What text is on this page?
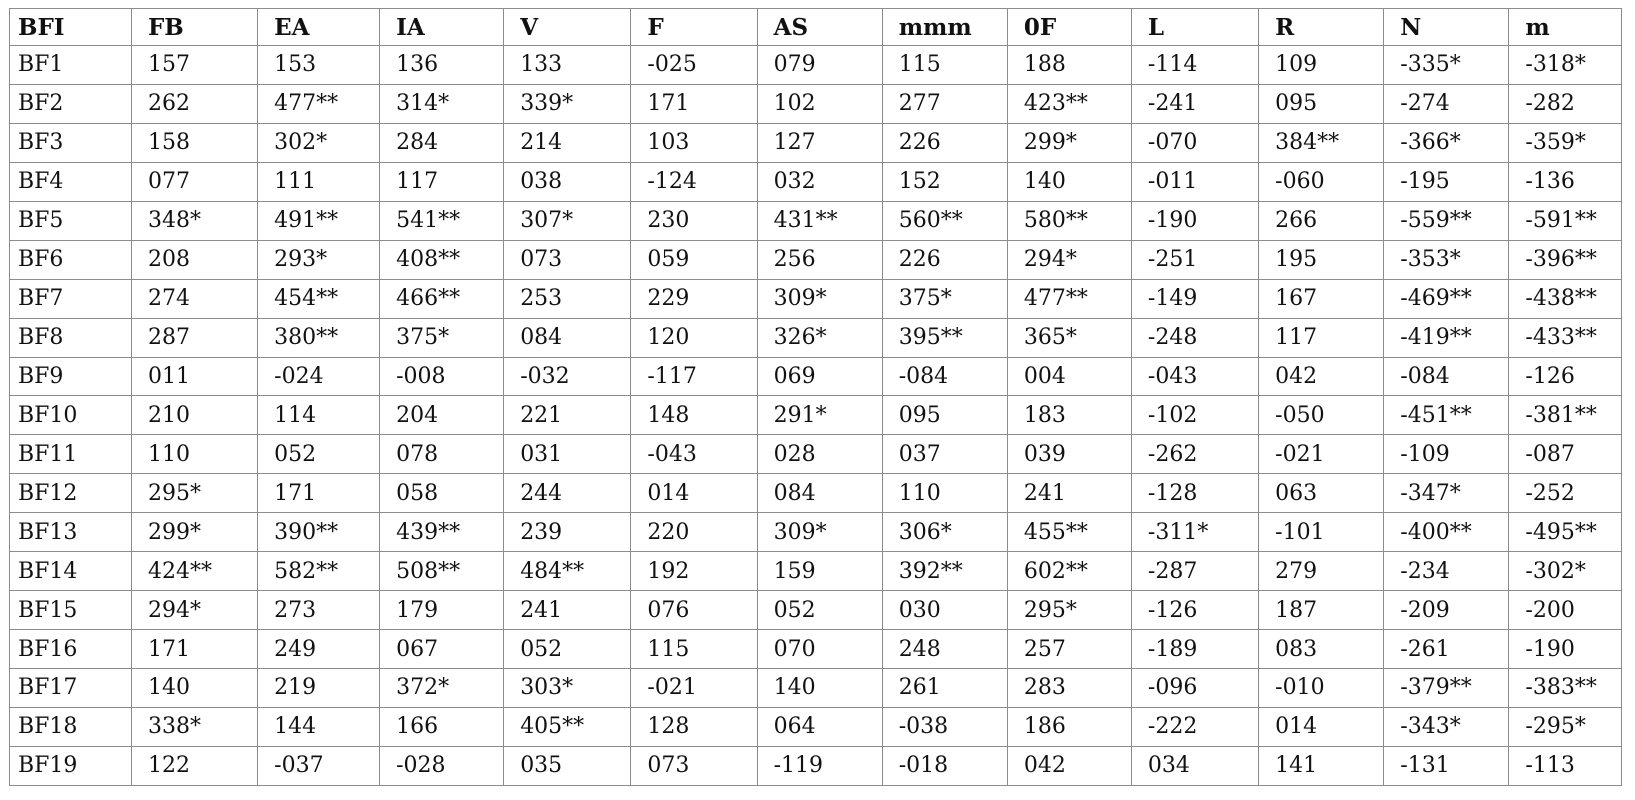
BFI	FB	EA	IA	V	F	AS	mmm	0F	L	R	N	m
BF1	157	153	136	133	-025	079	115	188	-114	109	-335*	-318*
BF2	262	477**	314*	339*	171	102	277	423**	-241	095	-274	-282
BF3	158	302*	284	214	103	127	226	299*	-070	384**	-366*	-359*
BF4	077	111	117	038	-124	032	152	140	-011	-060	-195	-136
BF5	348*	491**	541**	307*	230	431**	560**	580**	-190	266	-559**	-591**
BF6	208	293*	408**	073	059	256	226	294*	-251	195	-353*	-396**
BF7	274	454**	466**	253	229	309*	375*	477**	-149	167	-469**	-438**
BF8	287	380**	375*	084	120	326*	395**	365*	-248	117	-419**	-433**
BF9	011	-024	-008	-032	-117	069	-084	004	-043	042	-084	-126
BF10	210	114	204	221	148	291*	095	183	-102	-050	-451**	-381**
BF11	110	052	078	031	-043	028	037	039	-262	-021	-109	-087
BF12	295*	171	058	244	014	084	110	241	-128	063	-347*	-252
BF13	299*	390**	439**	239	220	309*	306*	455**	-311*	-101	-400**	-495**
BF14	424**	582**	508**	484**	192	159	392**	602**	-287	279	-234	-302*
BF15	294*	273	179	241	076	052	030	295*	-126	187	-209	-200
BF16	171	249	067	052	115	070	248	257	-189	083	-261	-190
BF17	140	219	372*	303*	-021	140	261	283	-096	-010	-379**	-383**
BF18	338*	144	166	405**	128	064	-038	186	-222	014	-343*	-295*
BF19	122	-037	-028	035	073	-119	-018	042	034	141	-131	-113
